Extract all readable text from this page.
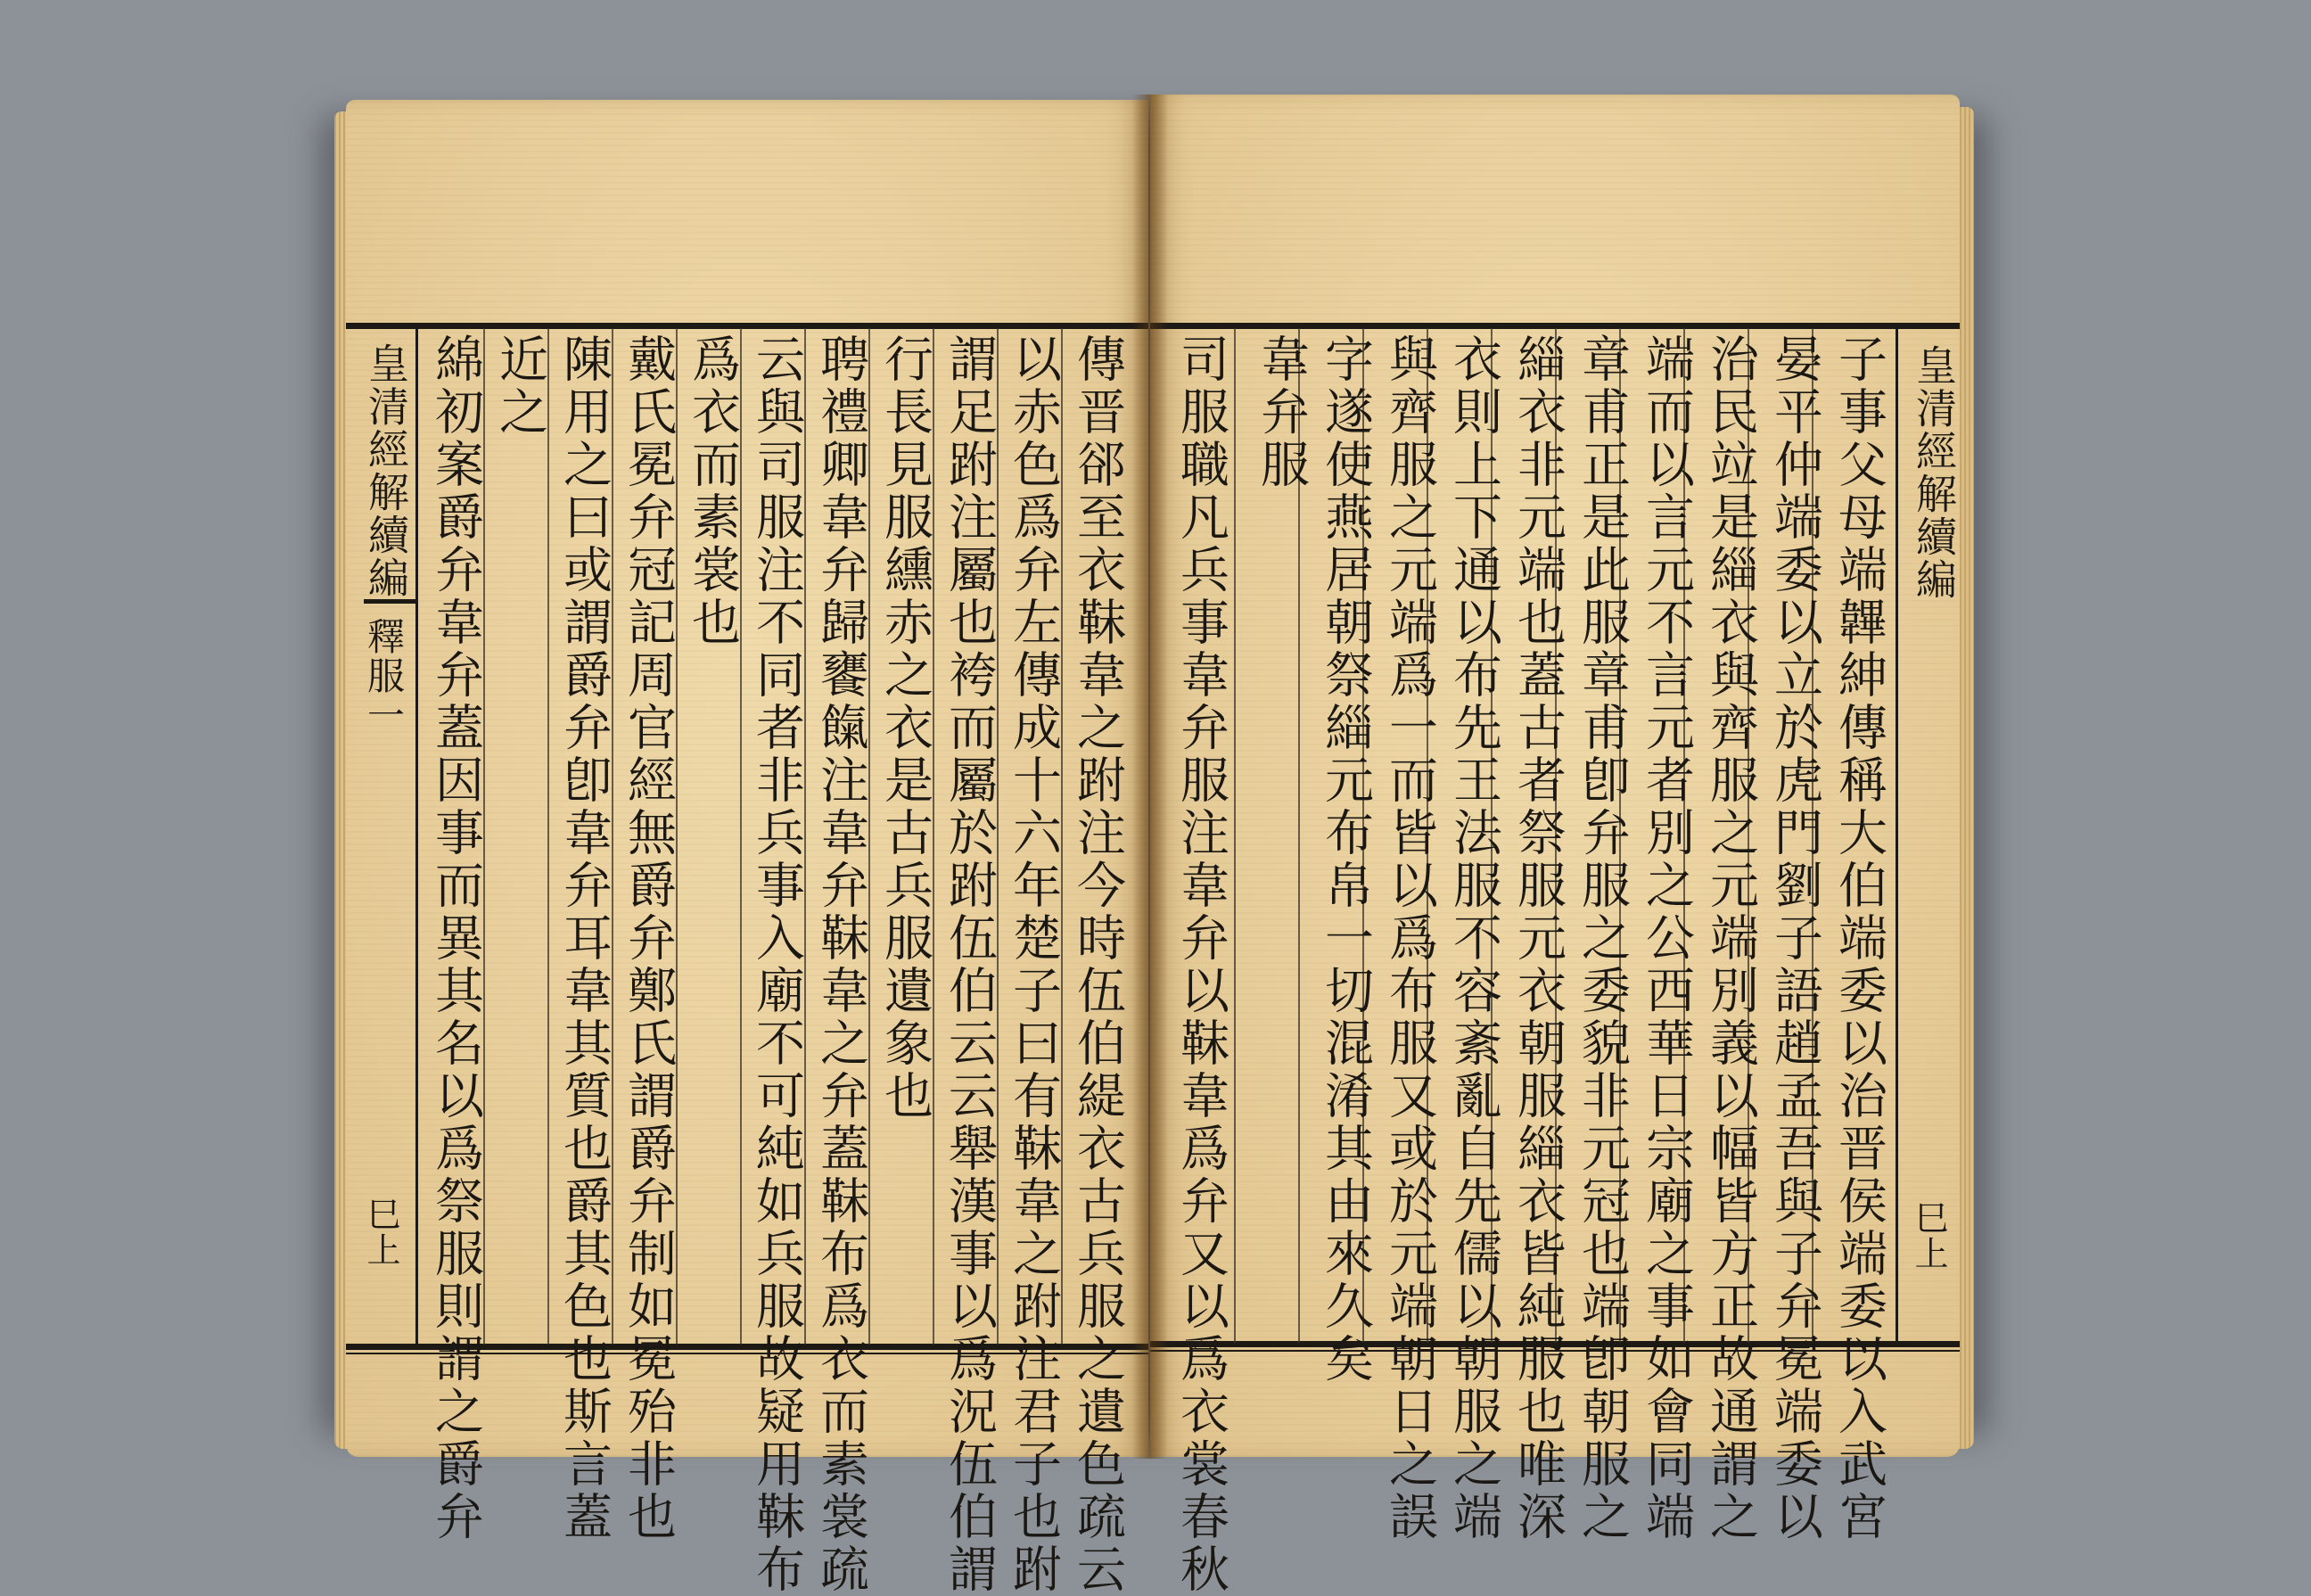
皇清經解續編
釋服一
巳上	傳晋郤至衣靺韋之跗注今時伍伯緹衣古兵服之遺色疏云
以赤色爲弁左傳成十六年楚子曰有靺韋之跗注君子也跗
謂足跗注屬也袴而屬於跗伍伯云云舉漢事以爲況伍伯謂
行長見服纁赤之衣是古兵服遺象也
聘禮卿韋弁歸饔餼注韋弁靺韋之弁蓋靺布爲衣而素裳疏
云與司服注不同者非兵事入廟不可純如兵服故疑用靺布
爲衣而素裳也
戴氏冕弁冠記周官經無爵弁鄭氏謂爵弁制如冕殆非也
陳用之曰或謂爵弁卽韋弁耳韋其質也爵其色也斯言蓋
近之
綿初案爵弁韋弁蓋因事而異其名以爲祭服則謂之爵弁	皇清經解續編
巳上
子事父母端韠紳傳稱大伯端委以治晋侯端委以入武宮
晏平仲端委以立於虎門劉子語趙孟吾與子弁冕端委以
治民竝是緇衣與齊服之元端別義以幅皆方正故通謂之
端而以言元不言元者別之公西華日宗廟之事如會同端
章甫正是此服章甫卽弁服之委貌非元冠也端卽朝服之
緇衣非元端也蓋古者祭服元衣朝服緇衣皆純服也唯深
衣則上下通以布先王法服不容紊亂自先儒以朝服之端
與齊服之元端爲一而皆以爲布服又或於元端朝日之誤
字遂使燕居朝祭緇元布帛一切混淆其由來久矣
韋弁服
司服職凡兵事韋弁服注韋弁以靺韋爲弁又以爲衣裳春秋
